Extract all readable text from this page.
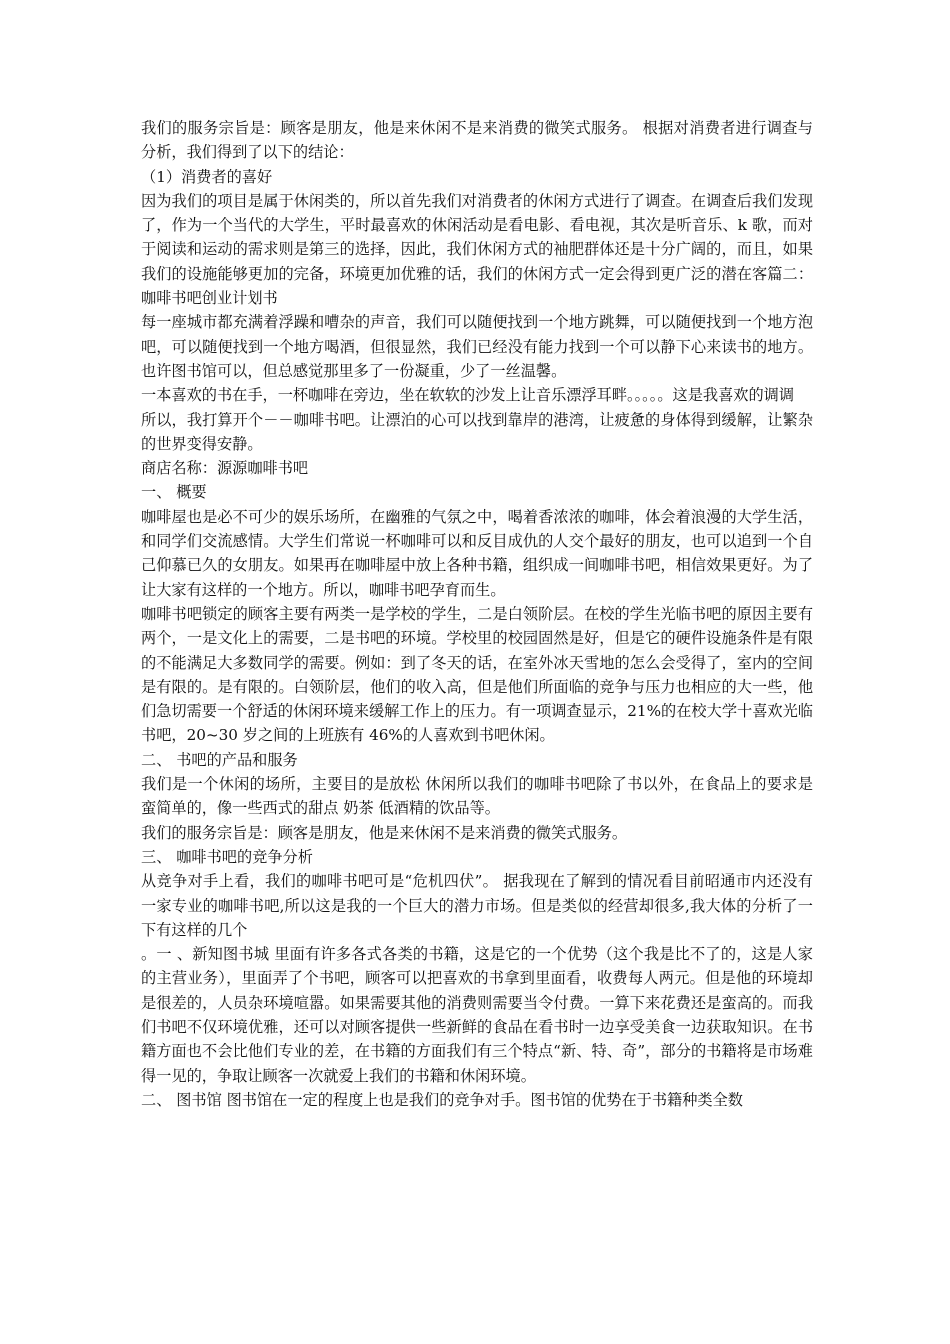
我们的服务宗旨是：顾客是朋友，他是来休闲不是来消费的微笑式服务。 根据对消费者进行调查与分析，我们得到了以下的结论：

（1）消费者的喜好

因为我们的项目是属于休闲类的，所以首先我们对消费者的休闲方式进行了调查。在调查后我们发现了，作为一个当代的大学生，平时最喜欢的休闲活动是看电影、看电视，其次是听音乐、k 歌，而对于阅读和运动的需求则是第三的选择，因此，我们休闲方式的袖肥群体还是十分广阔的，而且，如果我们的设施能够更加的完备，环境更加优雅的话，我们的休闲方式一定会得到更广泛的潜在客篇二：咖啡书吧创业计划书

每一座城市都充满着浮躁和嘈杂的声音，我们可以随便找到一个地方跳舞，可以随便找到一个地方泡吧，可以随便找到一个地方喝酒，但很显然，我们已经没有能力找到一个可以静下心来读书的地方。也许图书馆可以，但总感觉那里多了一份凝重，少了一丝温馨。

一本喜欢的书在手，一杯咖啡在旁边，坐在软软的沙发上让音乐漂浮耳畔。。。。。这是我喜欢的调调

所以，我打算开个－－咖啡书吧。让漂泊的心可以找到靠岸的港湾，让疲惫的身体得到缓解，让繁杂的世界变得安静。

商店名称：源源咖啡书吧

一、 概要

咖啡屋也是必不可少的娱乐场所，在幽雅的气氛之中，喝着香浓浓的咖啡，体会着浪漫的大学生活，和同学们交流感情。大学生们常说一杯咖啡可以和反目成仇的人交个最好的朋友，也可以追到一个自己仰慕已久的女朋友。如果再在咖啡屋中放上各种书籍，组织成一间咖啡书吧，相信效果更好。为了让大家有这样的一个地方。所以，咖啡书吧孕育而生。

咖啡书吧锁定的顾客主要有两类一是学校的学生，二是白领阶层。在校的学生光临书吧的原因主要有两个，一是文化上的需要，二是书吧的环境。学校里的校园固然是好，但是它的硬件设施条件是有限的不能满足大多数同学的需要。例如：到了冬天的话，在室外冰天雪地的怎么会受得了，室内的空间是有限的。是有限的。白领阶层，他们的收入高，但是他们所面临的竞争与压力也相应的大一些，他们急切需要一个舒适的休闲环境来缓解工作上的压力。有一项调查显示，21%的在校大学十喜欢光临书吧，20~30 岁之间的上班族有 46%的人喜欢到书吧休闲。

二、 书吧的产品和服务

我们是一个休闲的场所，主要目的是放松 休闲所以我们的咖啡书吧除了书以外，在食品上的要求是蛮简单的，像一些西式的甜点 奶茶 低酒精的饮品等。

我们的服务宗旨是：顾客是朋友，他是来休闲不是来消费的微笑式服务。

三、 咖啡书吧的竞争分析

从竞争对手上看，我们的咖啡书吧可是“危机四伏”。 据我现在了解到的情况看目前昭通市内还没有一家专业的咖啡书吧,所以这是我的一个巨大的潜力市场。但是类似的经营却很多,我大体的分析了一下有这样的几个

。一 、新知图书城 里面有许多各式各类的书籍，这是它的一个优势（这个我是比不了的，这是人家的主营业务），里面弄了个书吧，顾客可以把喜欢的书拿到里面看，收费每人两元。但是他的环境却是很差的，人员杂环境喧嚣。如果需要其他的消费则需要当令付费。一算下来花费还是蛮高的。而我们书吧不仅环境优雅，还可以对顾客提供一些新鲜的食品在看书时一边享受美食一边获取知识。在书籍方面也不会比他们专业的差，在书籍的方面我们有三个特点“新、特、奇”，部分的书籍将是市场难得一见的，争取让顾客一次就爱上我们的书籍和休闲环境。

二、 图书馆 图书馆在一定的程度上也是我们的竞争对手。图书馆的优势在于书籍种类全数
